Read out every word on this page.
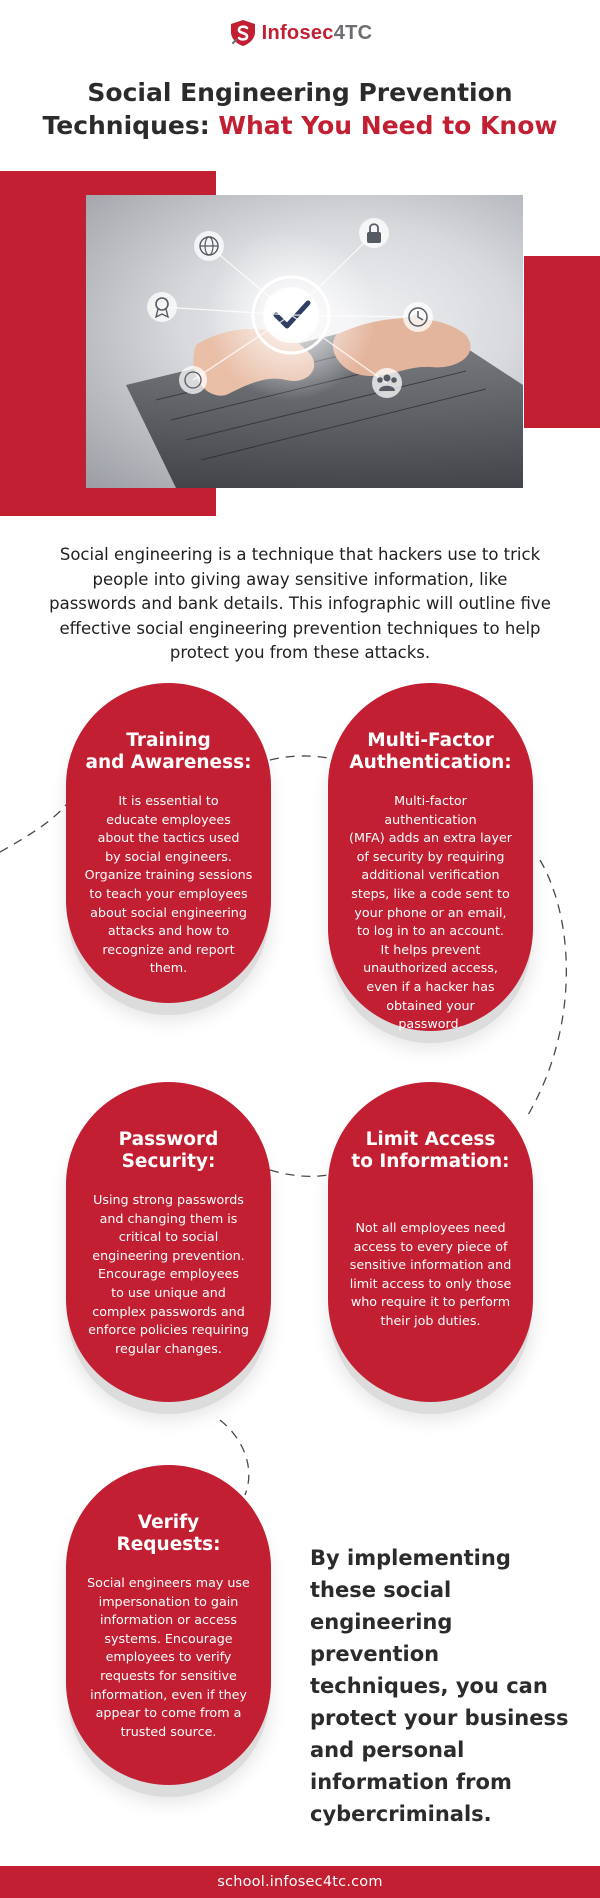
Infosec4TC
Social Engineering Prevention
Techniques: What You Need to Know
Social engineering is a technique that hackers use to trick people into giving away sensitive information, like passwords and bank details. This infographic will outline five effective social engineering prevention techniques to help protect you from these attacks.
Training
and Awareness:
It is essential to
educate employees
about the tactics used
by social engineers.
Organize training sessions
to teach your employees
about social engineering
attacks and how to
recognize and report
them.
Multi-Factor
Authentication:
Multi-factor authentication
(MFA) adds an extra layer
of security by requiring
additional verification
steps, like a code sent to
your phone or an email,
to log in to an account.
It helps prevent
unauthorized access,
even if a hacker has
obtained your
password.
Password
Security:
Using strong passwords
and changing them is
critical to social
engineering prevention.
Encourage employees
to use unique and
complex passwords and
enforce policies requiring
regular changes.
Limit Access
to Information:
Not all employees need
access to every piece of
sensitive information and
limit access to only those
who require it to perform
their job duties.
Verify
Requests:
Social engineers may use
impersonation to gain
information or access
systems. Encourage
employees to verify
requests for sensitive
information, even if they
appear to come from a
trusted source.
By implementing these social engineering prevention techniques, you can protect your business and personal information from cybercriminals.
school.infosec4tc.com
